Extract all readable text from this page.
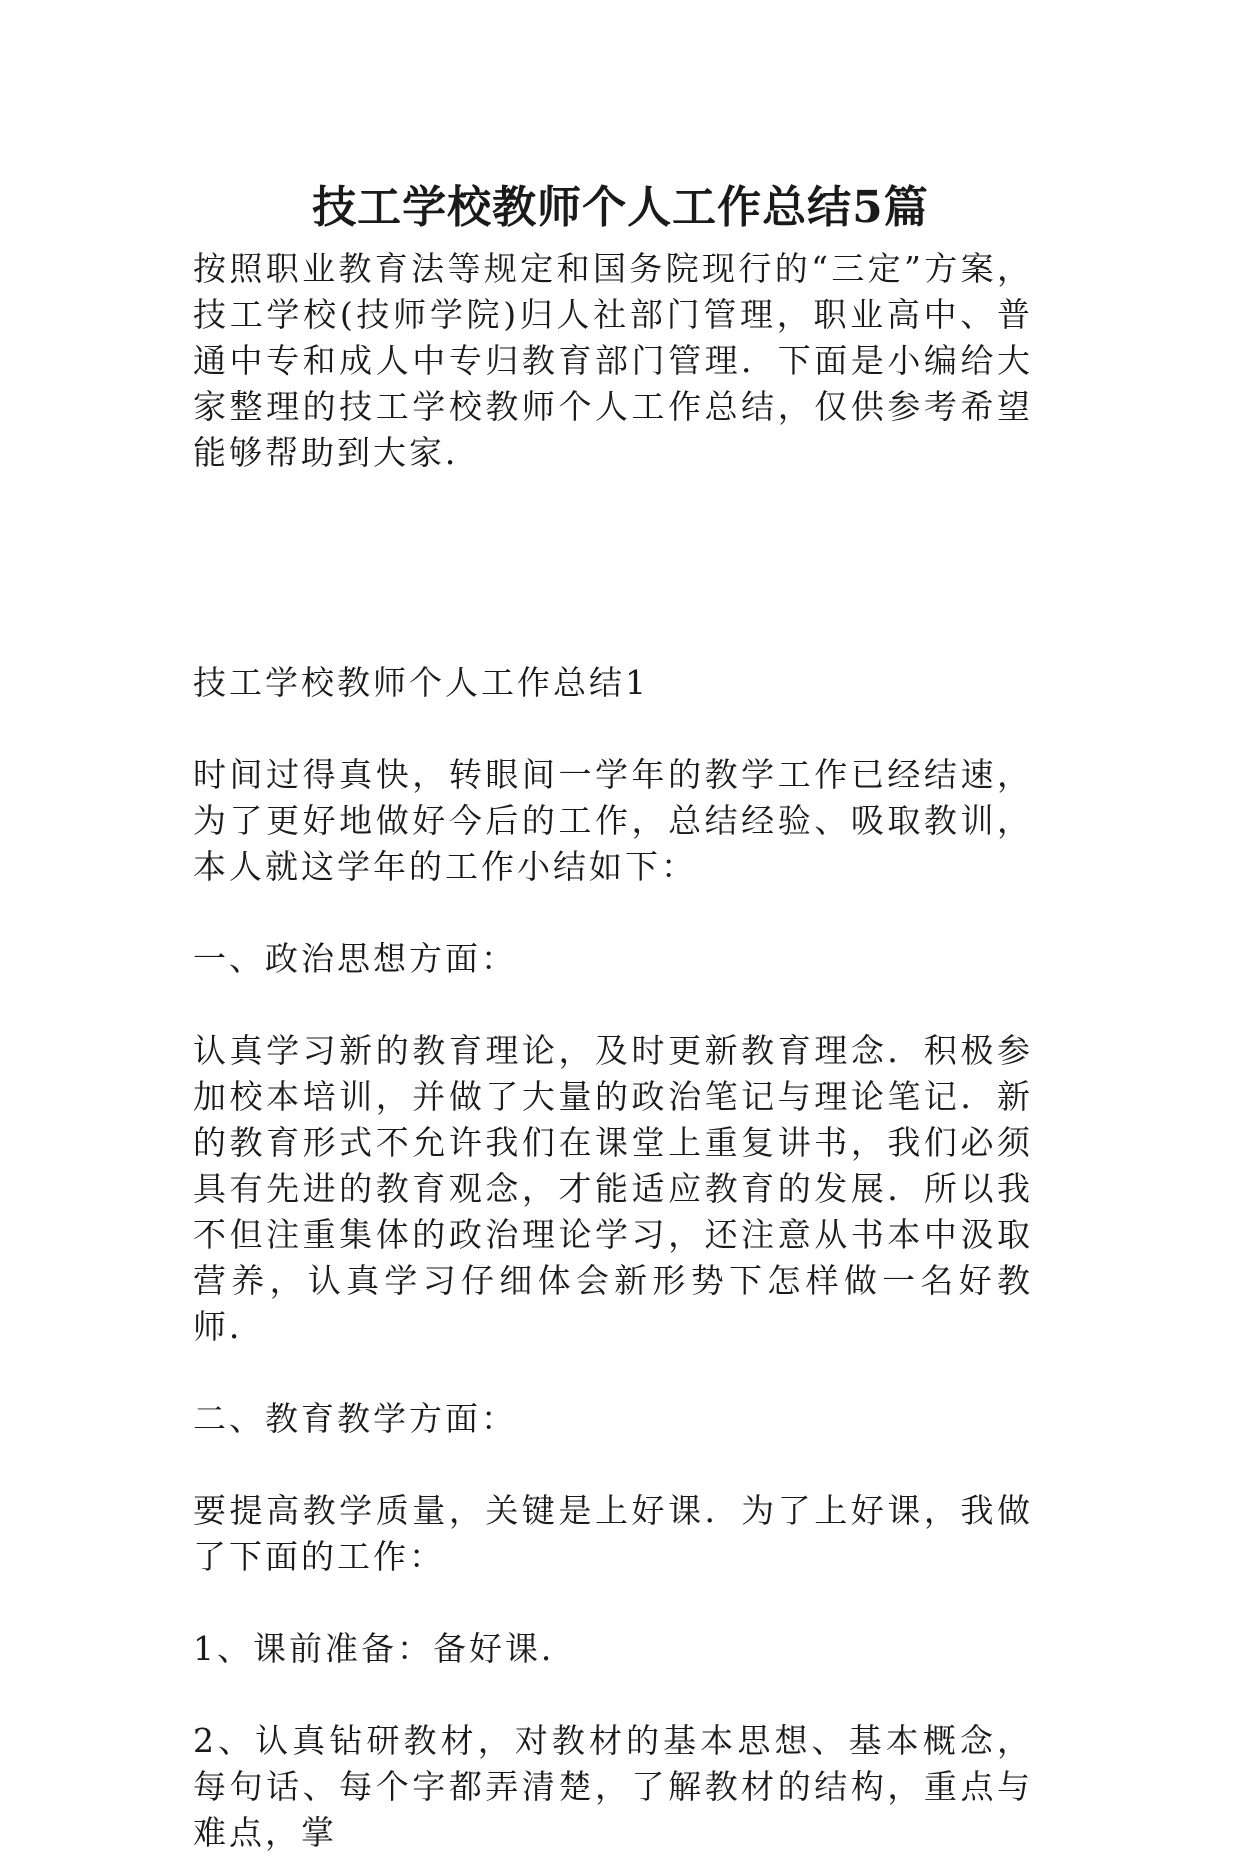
技工学校教师个人工作总结5篇

按照职业教育法等规定和国务院现行的“三定”方案，技工学校(技师学院)归人社部门管理，职业高中、普通中专和成人中专归教育部门管理．下面是小编给大家整理的技工学校教师个人工作总结，仅供参考希望能够帮助到大家．

技工学校教师个人工作总结1

时间过得真快，转眼间一学年的教学工作已经结速，为了更好地做好今后的工作，总结经验、吸取教训，本人就这学年的工作小结如下：

一、政治思想方面：

认真学习新的教育理论，及时更新教育理念．积极参加校本培训，并做了大量的政治笔记与理论笔记．新的教育形式不允许我们在课堂上重复讲书，我们必须具有先进的教育观念，才能适应教育的发展．所以我不但注重集体的政治理论学习，还注意从书本中汲取营养，认真学习仔细体会新形势下怎样做一名好教师．

二、教育教学方面：

要提高教学质量，关键是上好课．为了上好课，我做了下面的工作：

1、课前准备：备好课．

2、认真钻研教材，对教材的基本思想、基本概念，每句话、每个字都弄清楚，了解教材的结构，重点与难点，掌
